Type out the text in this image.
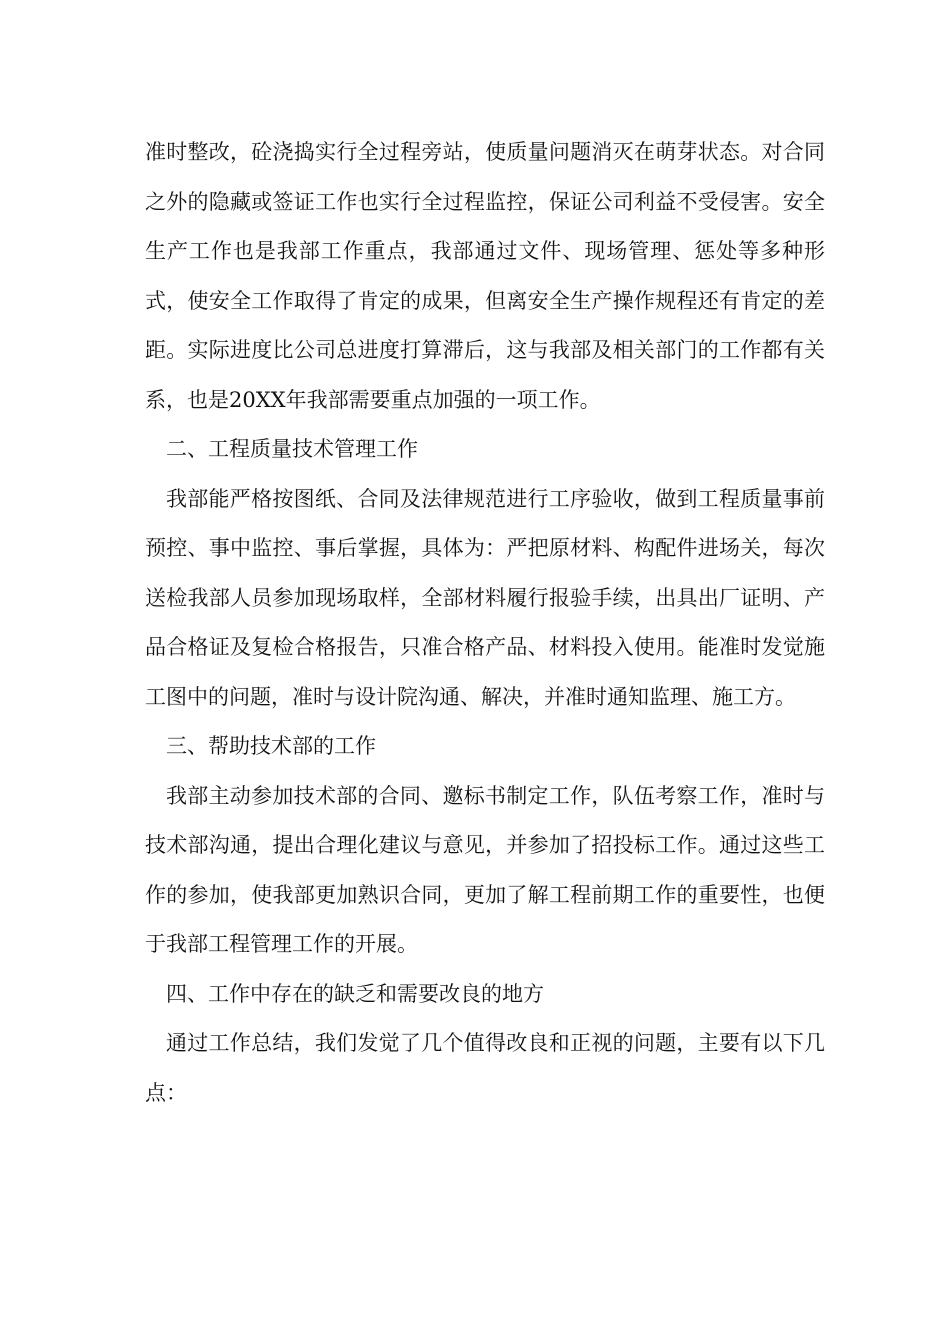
准时整改，砼浇捣实行全过程旁站，使质量问题消灭在萌芽状态。对合同之外的隐藏或签证工作也实行全过程监控，保证公司利益不受侵害。安全生产工作也是我部工作重点，我部通过文件、现场管理、惩处等多种形式，使安全工作取得了肯定的成果，但离安全生产操作规程还有肯定的差距。实际进度比公司总进度打算滞后，这与我部及相关部门的工作都有关系，也是20XX年我部需要重点加强的一项工作。

二、工程质量技术管理工作

我部能严格按图纸、合同及法律规范进行工序验收，做到工程质量事前预控、事中监控、事后掌握，具体为：严把原材料、构配件进场关，每次送检我部人员参加现场取样，全部材料履行报验手续，出具出厂证明、产品合格证及复检合格报告，只准合格产品、材料投入使用。能准时发觉施工图中的问题，准时与设计院沟通、解决，并准时通知监理、施工方。

三、帮助技术部的工作

我部主动参加技术部的合同、邀标书制定工作，队伍考察工作，准时与技术部沟通，提出合理化建议与意见，并参加了招投标工作。通过这些工作的参加，使我部更加熟识合同，更加了解工程前期工作的重要性，也便于我部工程管理工作的开展。

四、工作中存在的缺乏和需要改良的地方

通过工作总结，我们发觉了几个值得改良和正视的问题，主要有以下几点：
